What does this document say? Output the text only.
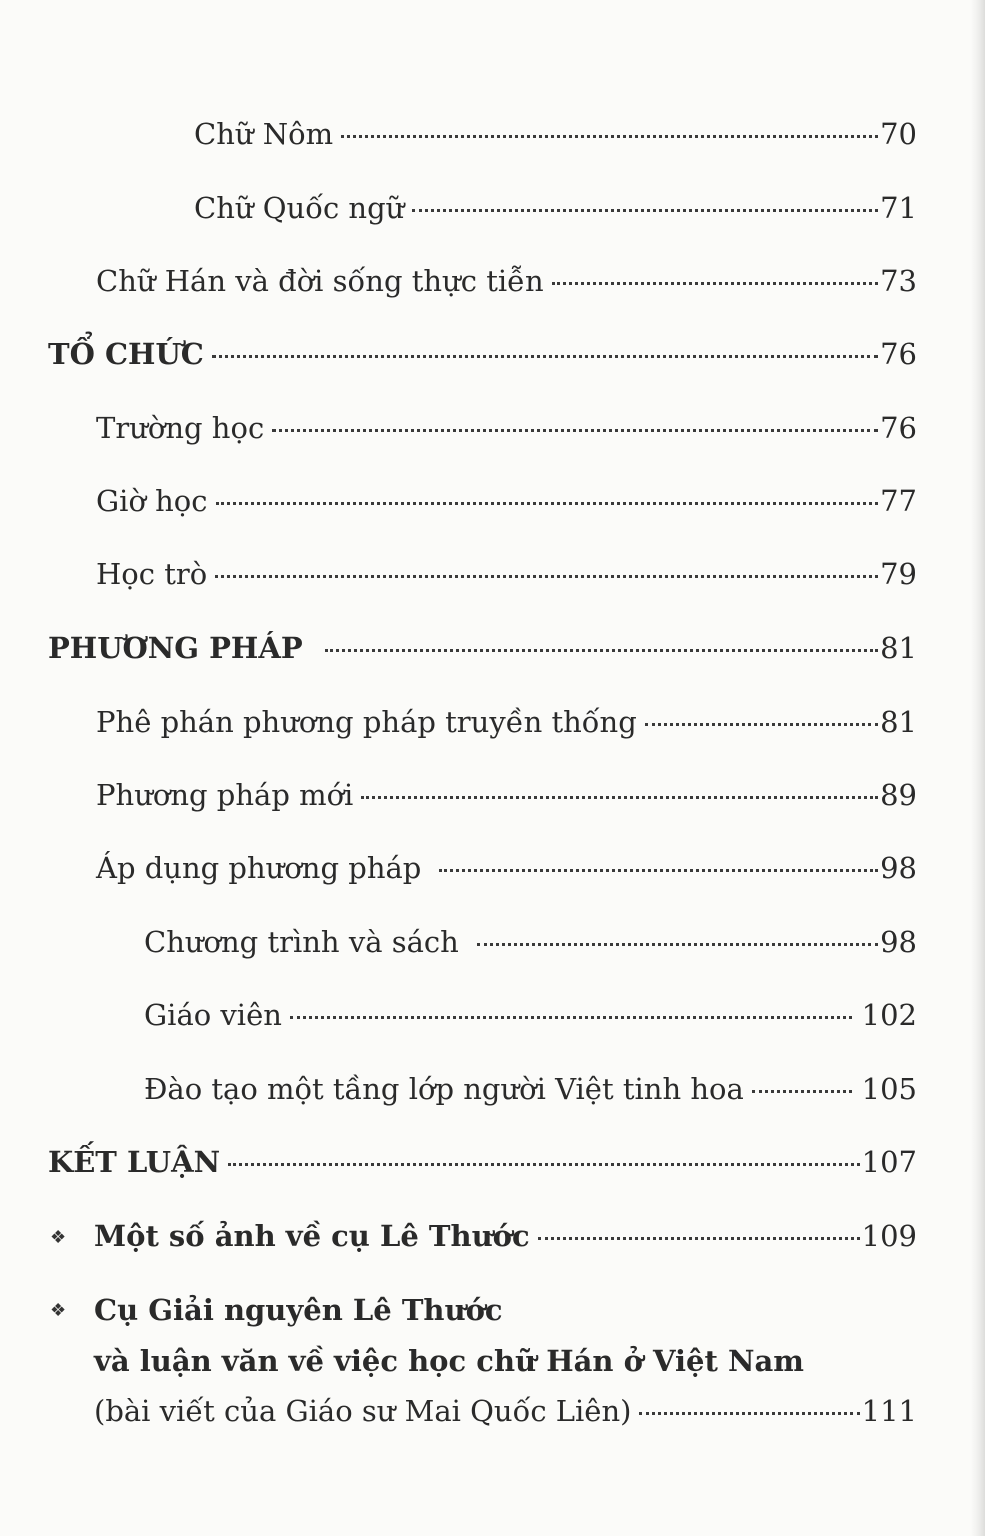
Chữ Nôm	70
Chữ Quốc ngữ	71
Chữ Hán và đời sống thực tiễn	73
TỔ CHỨC	76
Trường học	76
Giờ học	77
Học trò	79
PHƯƠNG PHÁP	81
Phê phán phương pháp truyền thống	81
Phương pháp mới	89
Áp dụng phương pháp	98
Chương trình và sách	98
Giáo viên	102
Đào tạo một tầng lớp người Việt tinh hoa	105
KẾT LUẬN	107
❖ Một số ảnh về cụ Lê Thước	109
❖ Cụ Giải nguyên Lê Thước
và luận văn về việc học chữ Hán ở Việt Nam
(bài viết của Giáo sư Mai Quốc Liên)	111
